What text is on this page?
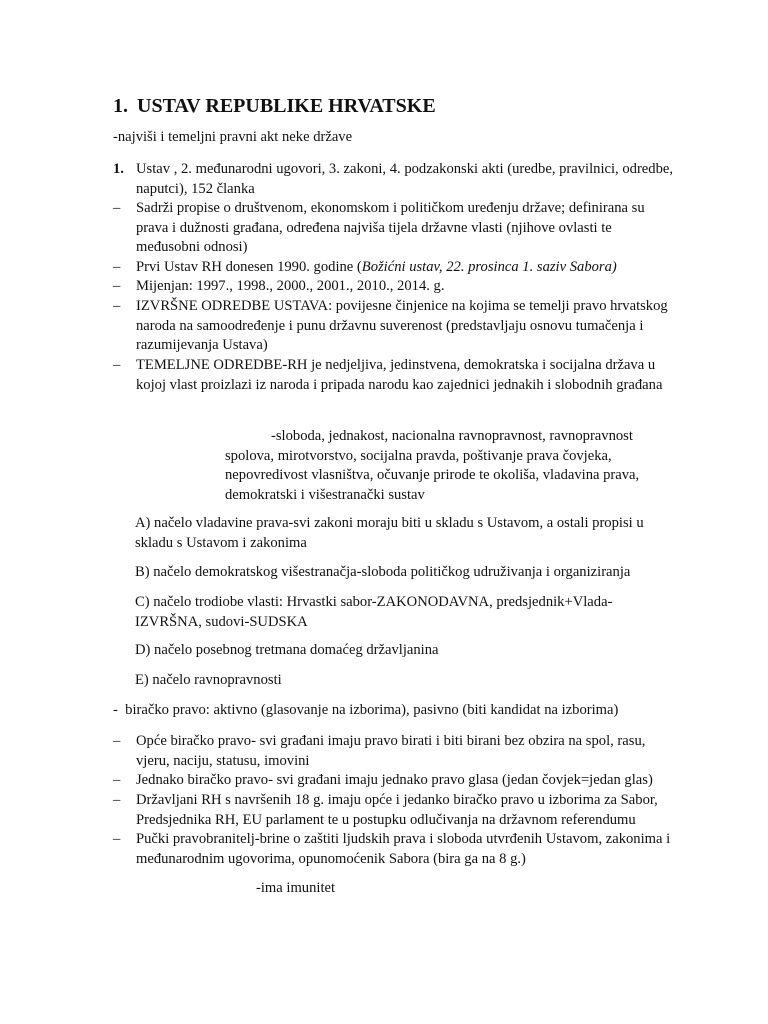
1. USTAV REPUBLIKE HRVATSKE

-najviši i temeljni pravni akt neke države

1. Ustav , 2. međunarodni ugovori, 3. zakoni, 4. podzakonski akti (uredbe, pravilnici, odredbe, naputci), 152 članka
–	Sadrži propise o društvenom, ekonomskom i političkom uređenju države; definirana su prava i dužnosti građana, određena najviša tijela državne vlasti (njihove ovlasti te međusobni odnosi)
–	Prvi Ustav RH donesen 1990. godine (Božićni ustav, 22. prosinca 1. saziv Sabora)
–	Mijenjan: 1997., 1998., 2000., 2001., 2010., 2014. g.
–	IZVRŠNE ODREDBE USTAVA: povijesne činjenice na kojima se temelji pravo hrvatskog naroda na samoodređenje i punu državnu suverenost (predstavljaju osnovu tumačenja i razumijevanja Ustava)
–	TEMELJNE ODREDBE-RH je nedjeljiva, jedinstvena, demokratska i socijalna država u kojoj vlast proizlazi iz naroda i pripada narodu kao zajednici jednakih i slobodnih građana

-sloboda, jednakost, nacionalna ravnopravnost, ravnopravnost spolova, mirotvorstvo, socijalna pravda, poštivanje prava čovjeka, nepovredivost vlasništva, očuvanje prirode te okoliša, vladavina prava, demokratski i višestranački sustav

A) načelo vladavine prava-svi zakoni moraju biti u skladu s Ustavom, a ostali propisi u skladu s Ustavom i zakonima

B) načelo demokratskog višestranačja-sloboda političkog udruživanja i organiziranja

C) načelo trodiobe vlasti: Hrvastki sabor-ZAKONODAVNA, predsjednik+Vlada-IZVRŠNA, sudovi-SUDSKA

D) načelo posebnog tretmana domaćeg državljanina

E) načelo ravnopravnosti

- biračko pravo: aktivno (glasovanje na izborima), pasivno (biti kandidat na izborima)
–	Opće biračko pravo- svi građani imaju pravo birati i biti birani bez obzira na spol, rasu, vjeru, naciju, statusu, imovini
–	Jednako biračko pravo- svi građani imaju jednako pravo glasa (jedan čovjek=jedan glas)
–	Državljani RH s navršenih 18 g. imaju opće i jedanko biračko pravo u izborima za Sabor, Predsjednika RH, EU parlament te u postupku odlučivanja na državnom referendumu
–	Pučki pravobranitelj-brine o zaštiti ljudskih prava i sloboda utvrđenih Ustavom, zakonima i međunarodnim ugovorima, opunomoćenik Sabora (bira ga na 8 g.)

-ima imunitet
